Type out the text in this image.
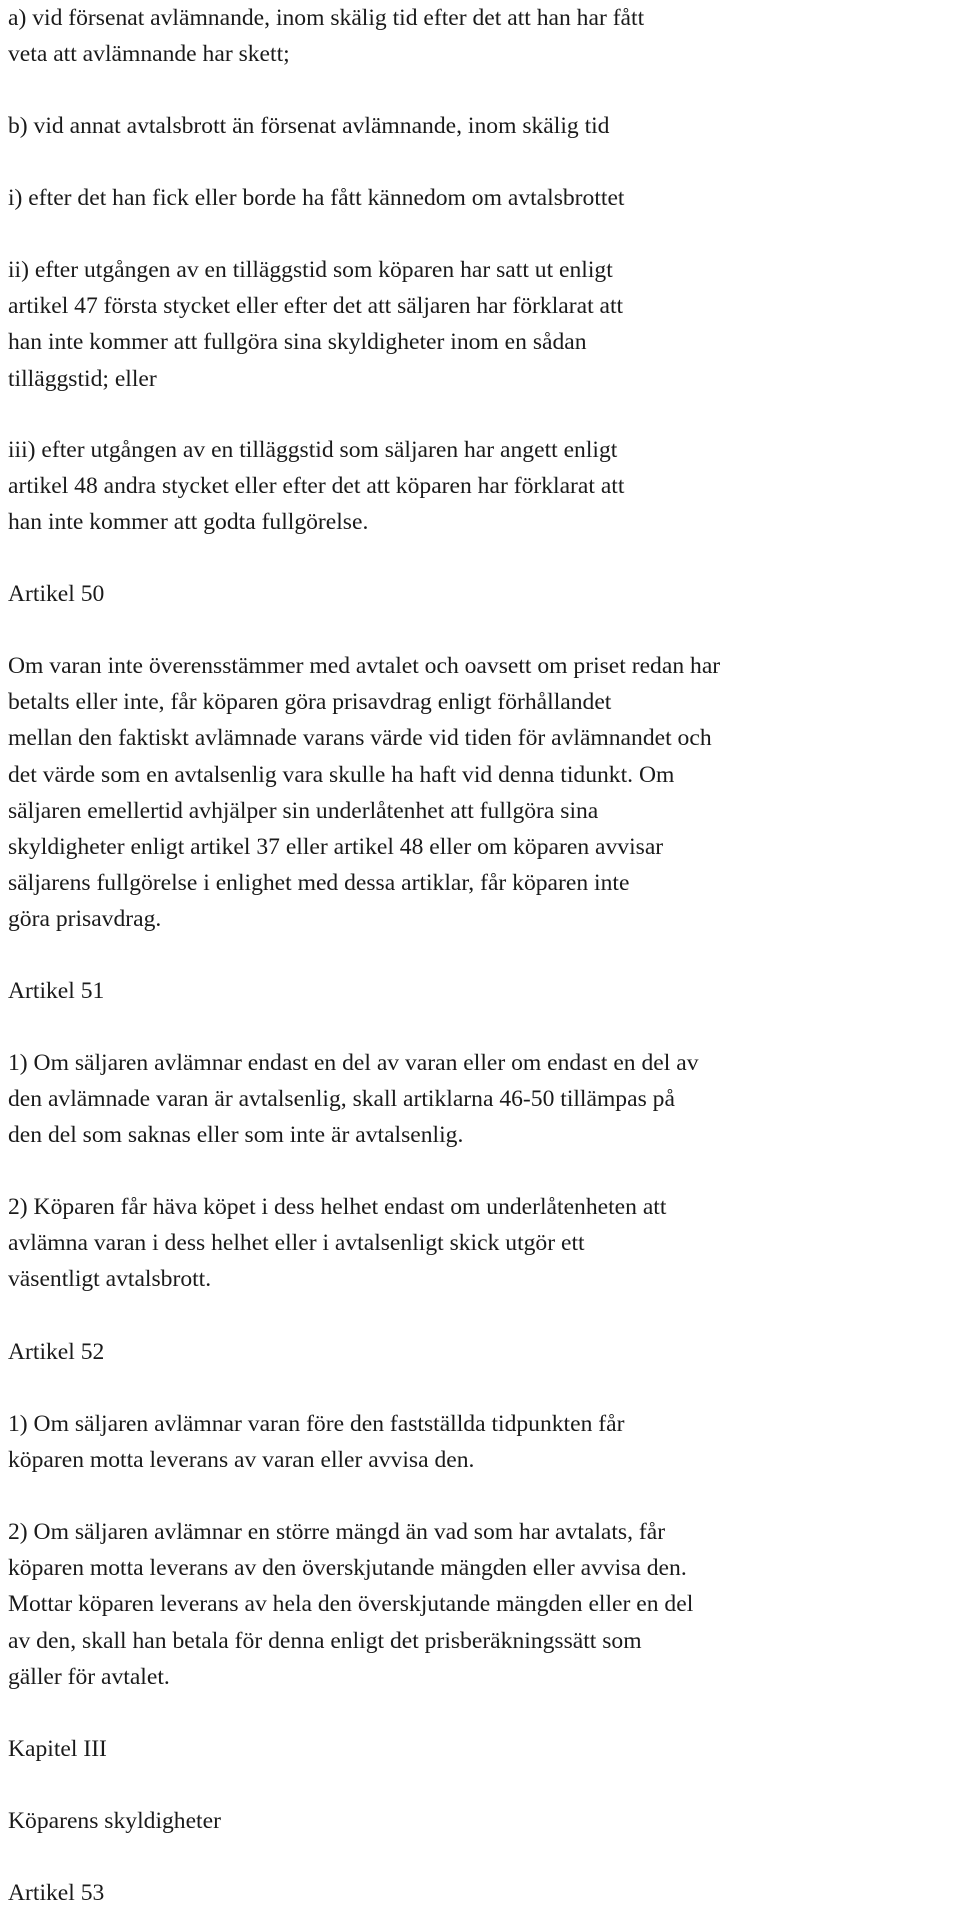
a) vid försenat avlämnande, inom skälig tid efter det att han har fått
veta att avlämnande har skett;
b) vid annat avtalsbrott än försenat avlämnande, inom skälig tid
i) efter det han fick eller borde ha fått kännedom om avtalsbrottet
ii) efter utgången av en tilläggstid som köparen har satt ut enligt
artikel 47 första stycket eller efter det att säljaren har förklarat att
han inte kommer att fullgöra sina skyldigheter inom en sådan
tilläggstid; eller
iii) efter utgången av en tilläggstid som säljaren har angett enligt
artikel 48 andra stycket eller efter det att köparen har förklarat att
han inte kommer att godta fullgörelse.
Artikel 50
Om varan inte överensstämmer med avtalet och oavsett om priset redan har
betalts eller inte, får köparen göra prisavdrag enligt förhållandet
mellan den faktiskt avlämnade varans värde vid tiden för avlämnandet och
det värde som en avtalsenlig vara skulle ha haft vid denna tidunkt. Om
säljaren emellertid avhjälper sin underlåtenhet att fullgöra sina
skyldigheter enligt artikel 37 eller artikel 48 eller om köparen avvisar
säljarens fullgörelse i enlighet med dessa artiklar, får köparen inte
göra prisavdrag.
Artikel 51
1) Om säljaren avlämnar endast en del av varan eller om endast en del av
den avlämnade varan är avtalsenlig, skall artiklarna 46-50 tillämpas på
den del som saknas eller som inte är avtalsenlig.
2) Köparen får häva köpet i dess helhet endast om underlåtenheten att
avlämna varan i dess helhet eller i avtalsenligt skick utgör ett
väsentligt avtalsbrott.
Artikel 52
1) Om säljaren avlämnar varan före den fastställda tidpunkten får
köparen motta leverans av varan eller avvisa den.
2) Om säljaren avlämnar en större mängd än vad som har avtalats, får
köparen motta leverans av den överskjutande mängden eller avvisa den.
Mottar köparen leverans av hela den överskjutande mängden eller en del
av den, skall han betala för denna enligt det prisberäkningssätt som
gäller för avtalet.
Kapitel III
Köparens skyldigheter
Artikel 53
